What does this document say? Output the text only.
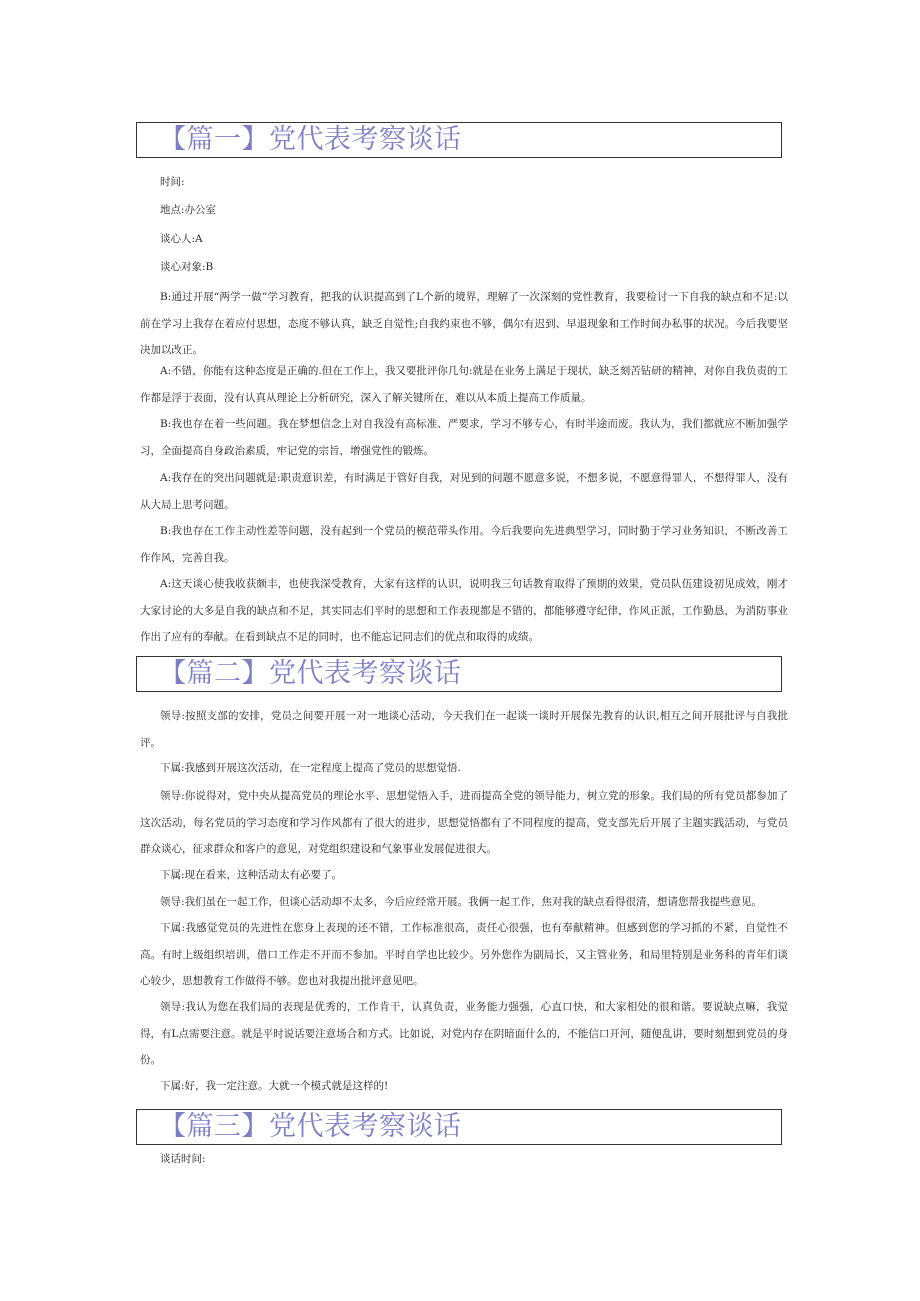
【篇一】党代表考察谈话
时间:
地点:办公室
谈心人:A
谈心对象:B

B:通过开展“两学一做”学习教育，把我的认识提高到了L个新的境界，理解了一次深刻的党性教育，我要检讨一下自我的缺点和不足:以前在学习上我存在着应付思想，态度不够认真，缺乏自觉性;自我约束也不够，偶尔有迟到、早退现象和工作时间办私事的状况。今后我要坚决加以改正。

A:不错，你能有这种态度是正确的.但在工作上，我又要批评你几句:就是在业务上满足于现状，缺乏刻苦钻研的精神，对你自我负责的工作都是浮于表面，没有认真从理论上分析研究，深入了解关键所在，难以从本质上提高工作质量。

B:我也存在着一些问题。我在梦想信念上对自我没有高标准、严要求，学习不够专心，有时半途而废。我认为，我们都就应不断加强学习，全面提高自身政治素质，牢记党的宗旨，增强党性的锻炼。

A:我存在的突出问题就是:职责意识差，有时满足于管好自我，对见到的问题不愿意多说，不想多说，不愿意得罪人，不想得罪人，没有从大局上思考问题。

B:我也存在工作主动性差等问题，没有起到一个党员的模范带头作用。今后我要向先进典型学习，同时勤于学习业务知识，不断改善工作作风，完善自我。

A:这天谈心使我收获颇丰，也使我深受教育，大家有这样的认识，说明我三句话教育取得了预期的效果，党员队伍建设初见成效，刚才大家讨论的大多是自我的缺点和不足，其实同志们平时的思想和工作表现都是不错的，都能够遵守纪律，作风正派，工作勤恳，为消防事业作出了应有的奉献。在看到缺点不足的同时，也不能忘记同志们的优点和取得的成绩。

【篇二】党代表考察谈话

领导:按照支部的安排，党员之间要开展一对一地谈心活动，今天我们在一起谈一谈时开展保先教育的认识,相互之间开展批评与自我批评。

下属:我感到开展这次活动，在一定程度上提高了党员的思想觉悟.

领导:你说得对，党中央从提高党员的理论水平、思想觉悟入手，进而提高全党的领导能力，树立党的形象。我们局的所有党员都参加了这次活动，每名党员的学习态度和学习作风都有了很大的进步，思想觉悟都有了不同程度的提高，党支部先后开展了主题实践活动，与党员群众谈心，征求群众和客户的意见，对党组织建设和气象事业发展促进很大。

下属:现在看来，这种活动太有必要了。

领导:我们虽在一起工作，但谈心活动却不太多，今后应经常开展。我俩一起工作，焦对我的缺点看得很清，想请您帮我提些意见。

下属:我感觉党员的先进性在您身上表现的还不错，工作标准很高，责任心很强，也有奉献精神。但感到您的学习抓的不紧，自觉性不高。有时上级组织培训，借口工作走不开而不参加。平时自学也比较少。另外您作为副局长，又主管业务，和局里特别是业务科的青年们谈心较少，思想教育工作做得不够。您也对我提出批评意见吧。

领导:我认为您在我们局的表现是优秀的，工作肯干，认真负责，业务能力强强，心直口快，和大家相处的很和谐。要说缺点嘛，我觉得，有L点需要注意。就是平时说话要注意场合和方式。比如说，对党内存在阴暗面什么的，不能信口开河，随便乱讲，要时刻想到党员的身份。

下属:好，我一定注意。大就一个模式就是这样的!

【篇三】党代表考察谈话
谈话时间:
